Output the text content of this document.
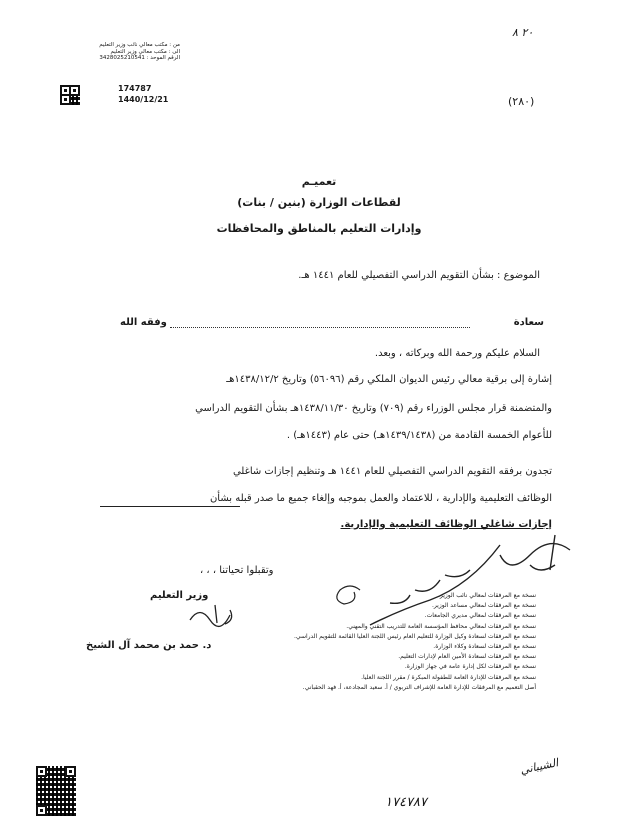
٢٠ ٨
من : مكتب معالي نائب وزير التعليم
الى : مكتب معالي وزير التعليم
الرقم الموحد : 3428025210541
174787
1440/12/21	(٢٨٠)
تعميـم
لقطاعات الوزارة (بنين / بنات)
وإدارات التعليم بالمناطق والمحافظات
الموضوع : بشأن التقويم الدراسي التفصيلي للعام ١٤٤١ هـ.
سعادة
وفقه الله
السلام عليكم ورحمة الله وبركاته ، وبعد.
إشارة إلى برقية معالي رئيس الديوان الملكي رقم (٥٦٠٩٦) وتاريخ ١٤٣٨/١٢/٢هـ
والمتضمنة قرار مجلس الوزراء رقم (٧٠٩) وتاريخ ١٤٣٨/١١/٣٠هـ بشأن التقويم الدراسي
للأعوام الخمسة القادمة من (١٤٣٩/١٤٣٨هـ) حتى عام (١٤٤٣هـ) .
تجدون برفقه التقويم الدراسي التفصيلي للعام ١٤٤١ هـ وتنظيم إجازات شاغلي
الوظائف التعليمية والإدارية ، للاعتماد والعمل بموجبه وإلغاء جميع ما صدر قبله بشأن
إجازات شاغلي الوظائف التعليمية والإدارية.
وتقبلوا تحياتنا ، ، ،
وزير التعليم
د. حمد بن محمد آل الشيخ
نسخة مع المرفقات لمعالي نائب الوزير.
نسخة مع المرفقات لمعالي مساعد الوزير.
نسخة مع المرفقات لمعالي مديري الجامعات.
نسخة مع المرفقات لمعالي محافظ المؤسسة العامة للتدريب التقني والمهني.
نسخة مع المرفقات لسعادة وكيل الوزارة للتعليم العام رئيس اللجنة العليا القائمة للتقويم الدراسي.
نسخة مع المرفقات لسعادة وكلاء الوزارة.
نسخة مع المرفقات لسعادة الأمين العام لإدارات التعليم.
نسخة مع المرفقات لكل إدارة عامة في جهاز الوزارة.
نسخة مع المرفقات للإدارة العامة للطفولة المبكرة / مقرر اللجنة العليا.
أصل التعميم مع المرفقات للإدارة العامة للإشراف التربوي / أ. سعيد المجادعة، أ. فهد الحقباني.
الشيباني
١٧٤٧٨٧
